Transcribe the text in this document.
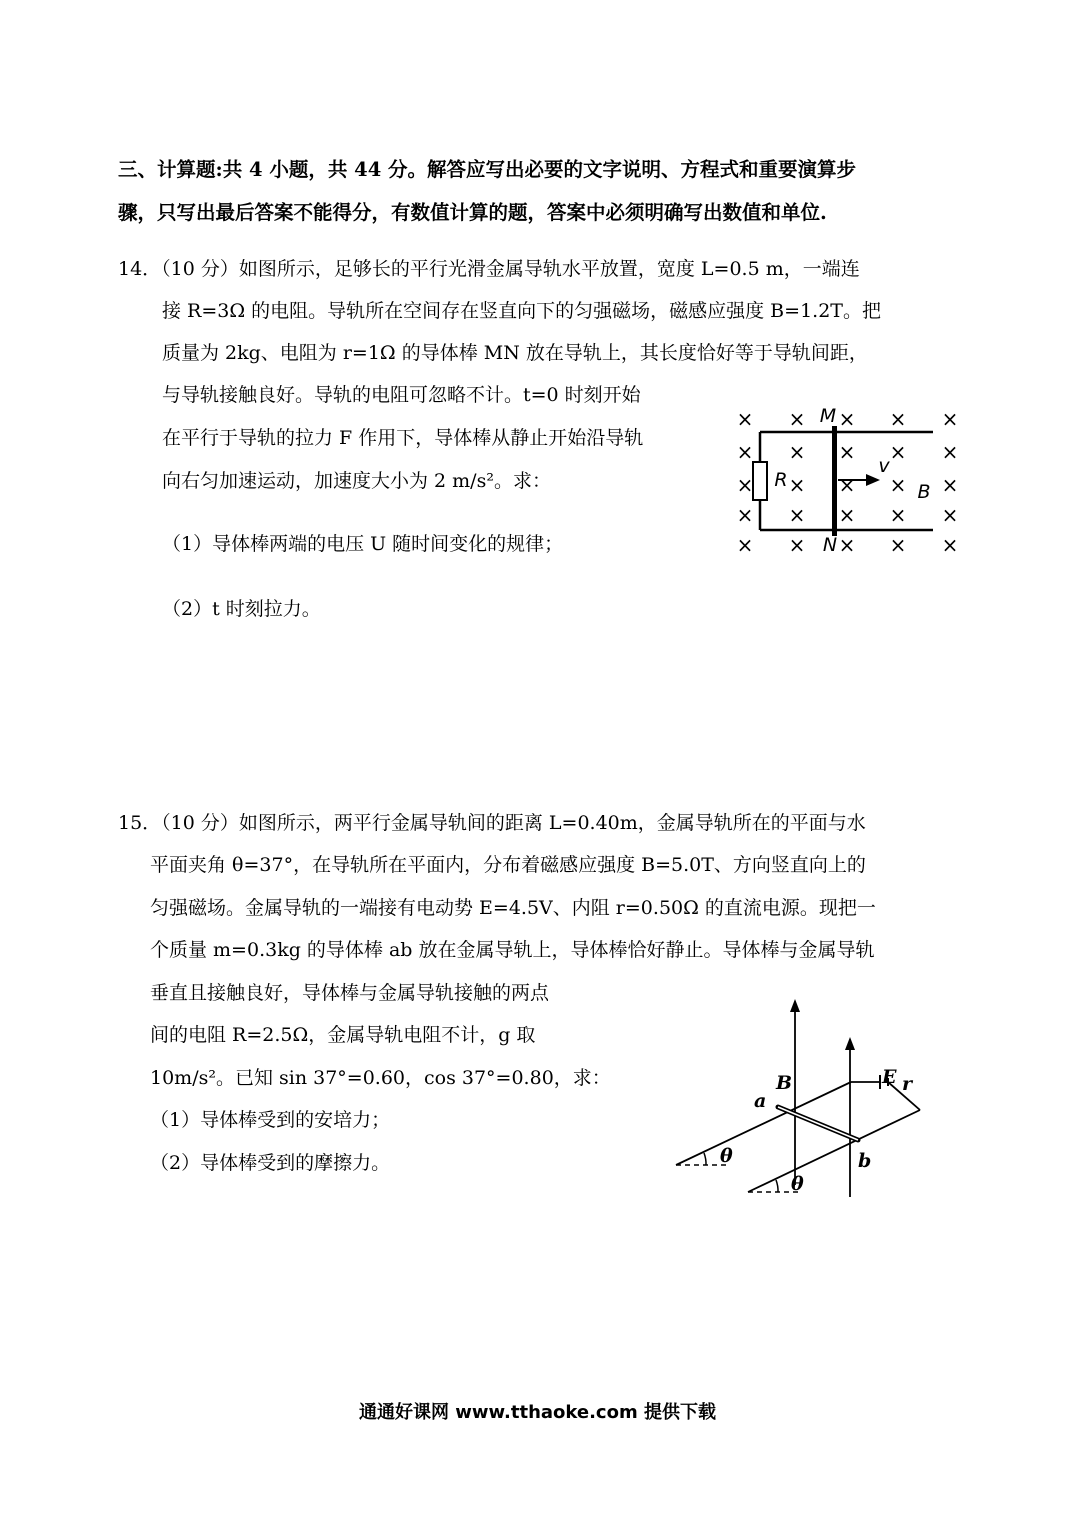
三、计算题:共 4 小题，共 44 分。解答应写出必要的文字说明、方程式和重要演算步
骤，只写出最后答案不能得分，有数值计算的题，答案中必须明确写出数值和单位.
14．（10 分）如图所示，足够长的平行光滑金属导轨水平放置，宽度 L=0.5 m，一端连
接 R=3Ω 的电阻。导轨所在空间存在竖直向下的匀强磁场，磁感应强度 B=1.2T。把
质量为 2kg、电阻为 r=1Ω 的导体棒 MN 放在导轨上，其长度恰好等于导轨间距，
与导轨接触良好。导轨的电阻可忽略不计。t=0 时刻开始
在平行于导轨的拉力 F 作用下，导体棒从静止开始沿导轨
向右匀加速运动，加速度大小为 2 m/s²。求：
（1）导体棒两端的电压 U 随时间变化的规律；
（2）t 时刻拉力。
× × × × ×
× × × × ×
× × × × ×
× × × × ×
× × × × ×
R
M
N
v
B
15．（10 分）如图所示，两平行金属导轨间的距离 L=0.40m，金属导轨所在的平面与水
平面夹角 θ=37°，在导轨所在平面内，分布着磁感应强度 B=5.0T、方向竖直向上的
匀强磁场。金属导轨的一端接有电动势 E=4.5V、内阻 r=0.50Ω 的直流电源。现把一
个质量 m=0.3kg 的导体棒 ab 放在金属导轨上，导体棒恰好静止。导体棒与金属导轨
垂直且接触良好，导体棒与金属导轨接触的两点
间的电阻 R=2.5Ω，金属导轨电阻不计，g 取
10m/s²。已知 sin 37°=0.60，cos 37°=0.80，求：
（1）导体棒受到的安培力；
（2）导体棒受到的摩擦力。
a
B
b
E r
θ
θ
通通好课网 www.tthaoke.com 提供下载
